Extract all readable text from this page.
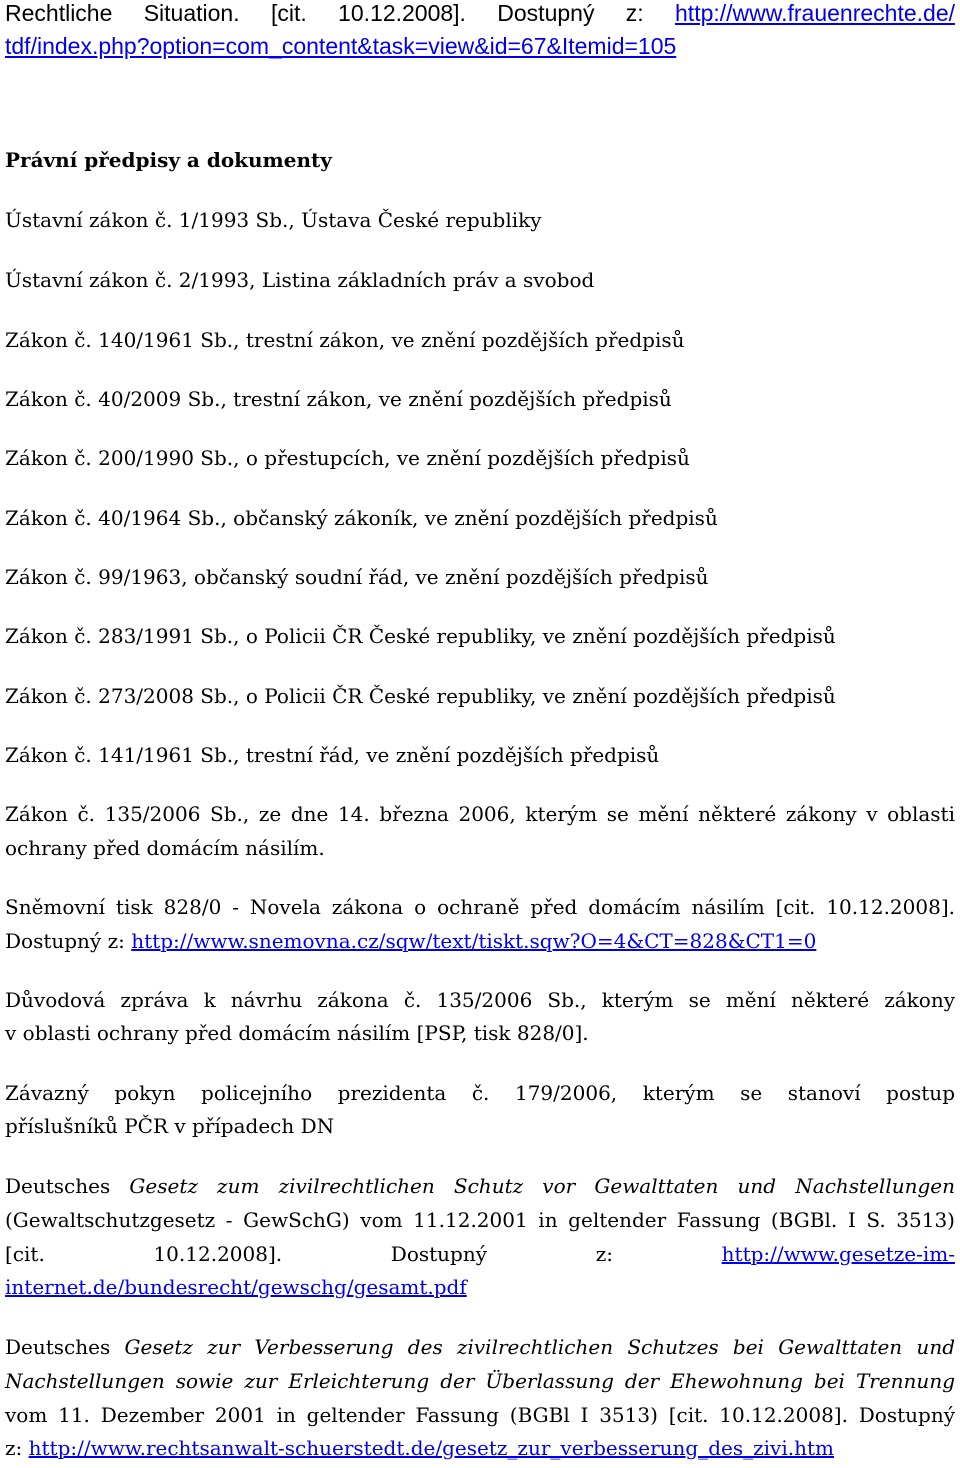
Rechtliche Situation. [cit. 10.12.2008]. Dostupný z: http://www.frauenrechte.de/
tdf/index.php?option=com_content&task=view&id=67&Itemid=105
Právní předpisy a dokumenty
Ústavní zákon č. 1/1993 Sb., Ústava České republiky
Ústavní zákon č. 2/1993, Listina základních práv a svobod
Zákon č. 140/1961 Sb., trestní zákon, ve znění pozdějších předpisů
Zákon č. 40/2009 Sb., trestní zákon, ve znění pozdějších předpisů
Zákon č. 200/1990 Sb., o přestupcích, ve znění pozdějších předpisů
Zákon č. 40/1964 Sb., občanský zákoník, ve znění pozdějších předpisů
Zákon č. 99/1963, občanský soudní řád, ve znění pozdějších předpisů
Zákon č. 283/1991 Sb., o Policii ČR České republiky, ve znění pozdějších předpisů
Zákon č. 273/2008 Sb., o Policii ČR České republiky, ve znění pozdějších předpisů
Zákon č. 141/1961 Sb., trestní řád, ve znění pozdějších předpisů
Zákon č. 135/2006 Sb., ze dne 14. března 2006, kterým se mění některé zákony v oblasti
ochrany před domácím násilím.
Sněmovní tisk 828/0 - Novela zákona o ochraně před domácím násilím [cit. 10.12.2008].
Dostupný z: http://www.snemovna.cz/sqw/text/tiskt.sqw?O=4&CT=828&CT1=0
Důvodová zpráva k návrhu zákona č. 135/2006 Sb., kterým se mění některé zákony
v oblasti ochrany před domácím násilím [PSP, tisk 828/0].
Závazný pokyn policejního prezidenta č. 179/2006, kterým se stanoví postup
příslušníků PČR v případech DN
Deutsches Gesetz zum zivilrechtlichen Schutz vor Gewalttaten und Nachstellungen
(Gewaltschutzgesetz - GewSchG) vom 11.12.2001 in geltender Fassung (BGBl. I S. 3513)
[cit. 10.12.2008]. Dostupný z:	http://www.gesetze-im-
internet.de/bundesrecht/gewschg/gesamt.pdf
Deutsches Gesetz zur Verbesserung des zivilrechtlichen Schutzes bei Gewalttaten und
Nachstellungen sowie zur Erleichterung der Überlassung der Ehewohnung bei Trennung
vom 11. Dezember 2001 in geltender Fassung (BGBl I 3513) [cit. 10.12.2008]. Dostupný
z: http://www.rechtsanwalt-schuerstedt.de/gesetz_zur_verbesserung_des_zivi.htm
